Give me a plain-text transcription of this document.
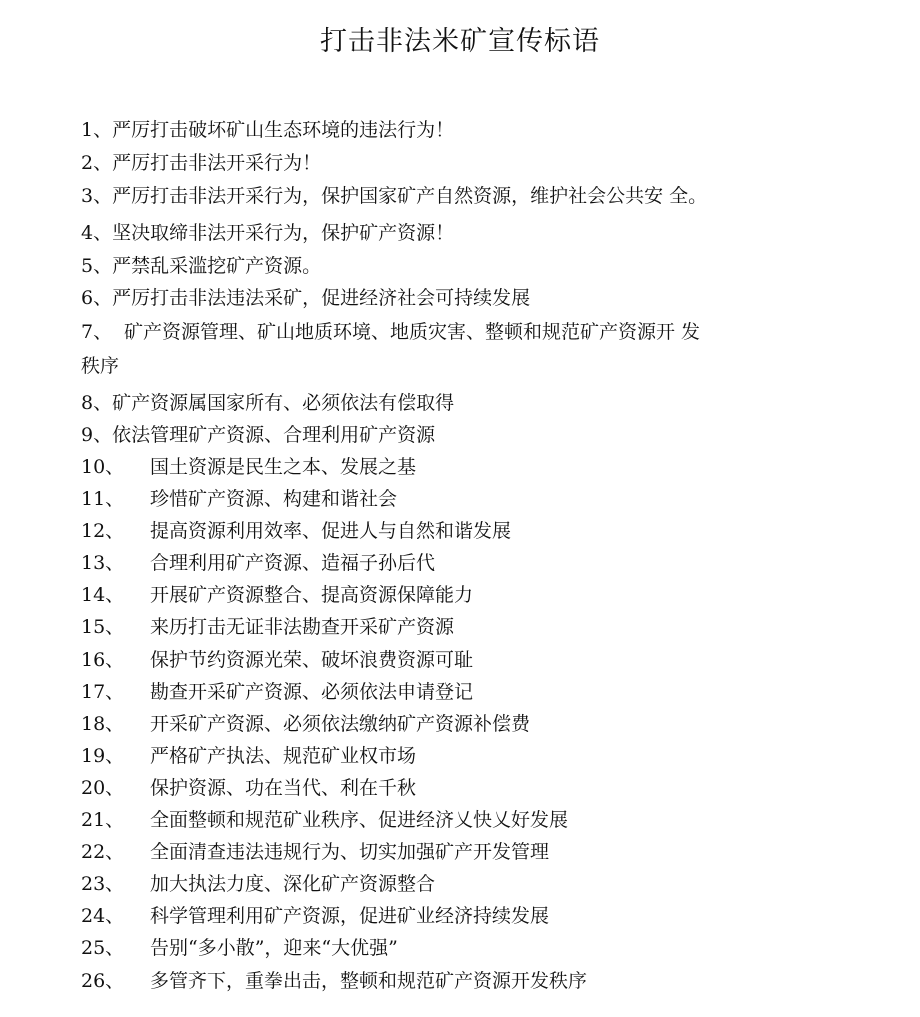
打击非法米矿宣传标语
1、严厉打击破坏矿山生态环境的违法行为！
2、严厉打击非法开采行为！
3、严厉打击非法开采行为，保护国家矿产自然资源，维护社会公共安 全。
4、坚决取缔非法开采行为，保护矿产资源！
5、严禁乱采滥挖矿产资源。
6、严厉打击非法违法采矿，促进经济社会可持续发展
7、 矿产资源管理、矿山地质环境、地质灾害、整顿和规范矿产资源开 发
秩序
8、矿产资源属国家所有、必须依法有偿取得
9、依法管理矿产资源、合理利用矿产资源
10、 国土资源是民生之本、发展之基
11、 珍惜矿产资源、构建和谐社会
12、 提高资源利用效率、促进人与自然和谐发展
13、 合理利用矿产资源、造福子孙后代
14、 开展矿产资源整合、提高资源保障能力
15、 来历打击无证非法勘查开采矿产资源
16、 保护节约资源光荣、破坏浪费资源可耻
17、 勘查开采矿产资源、必须依法申请登记
18、 开采矿产资源、必须依法缴纳矿产资源补偿费
19、 严格矿产执法、规范矿业权市场
20、 保护资源、功在当代、利在千秋
21、 全面整顿和规范矿业秩序、促进经济乂快乂好发展
22、 全面清查违法违规行为、切实加强矿产开发管理
23、 加大执法力度、深化矿产资源整合
24、 科学管理利用矿产资源，促进矿业经济持续发展
25、 告别“多小散”，迎来“大优强”
26、 多管齐下，重拳出击，整顿和规范矿产资源开发秩序
